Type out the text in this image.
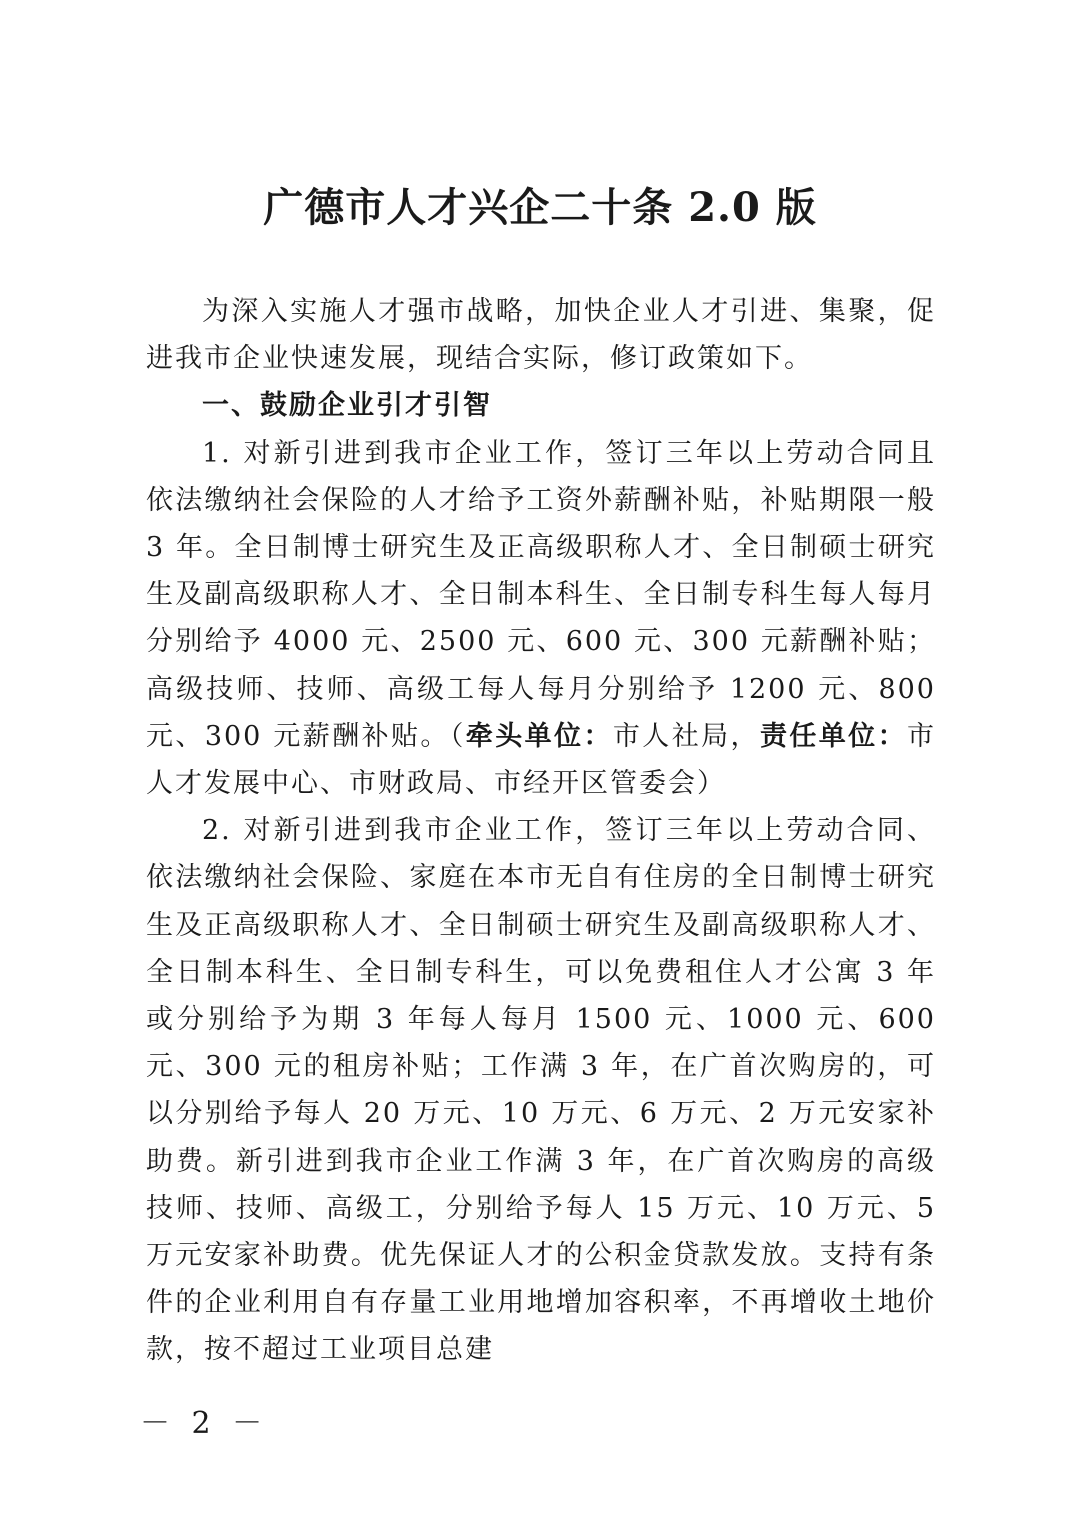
广德市人才兴企二十条 2.0 版

为深入实施人才强市战略，加快企业人才引进、集聚，促进我市企业快速发展，现结合实际，修订政策如下。

一、鼓励企业引才引智

1. 对新引进到我市企业工作，签订三年以上劳动合同且依法缴纳社会保险的人才给予工资外薪酬补贴，补贴期限一般 3 年。全日制博士研究生及正高级职称人才、全日制硕士研究生及副高级职称人才、全日制本科生、全日制专科生每人每月分别给予 4000 元、2500 元、600 元、300 元薪酬补贴；高级技师、技师、高级工每人每月分别给予 1200 元、800 元、300 元薪酬补贴。（牵头单位：市人社局，责任单位：市人才发展中心、市财政局、市经开区管委会）

2. 对新引进到我市企业工作，签订三年以上劳动合同、依法缴纳社会保险、家庭在本市无自有住房的全日制博士研究生及正高级职称人才、全日制硕士研究生及副高级职称人才、全日制本科生、全日制专科生，可以免费租住人才公寓 3 年或分别给予为期 3 年每人每月 1500 元、1000 元、600 元、300 元的租房补贴；工作满 3 年，在广首次购房的，可以分别给予每人 20 万元、10 万元、6 万元、2 万元安家补助费。新引进到我市企业工作满 3 年，在广首次购房的高级技师、技师、高级工，分别给予每人 15 万元、10 万元、5 万元安家补助费。优先保证人才的公积金贷款发放。支持有条件的企业利用自有存量工业用地增加容积率，不再增收土地价款，按不超过工业项目总建

－ 2 －
